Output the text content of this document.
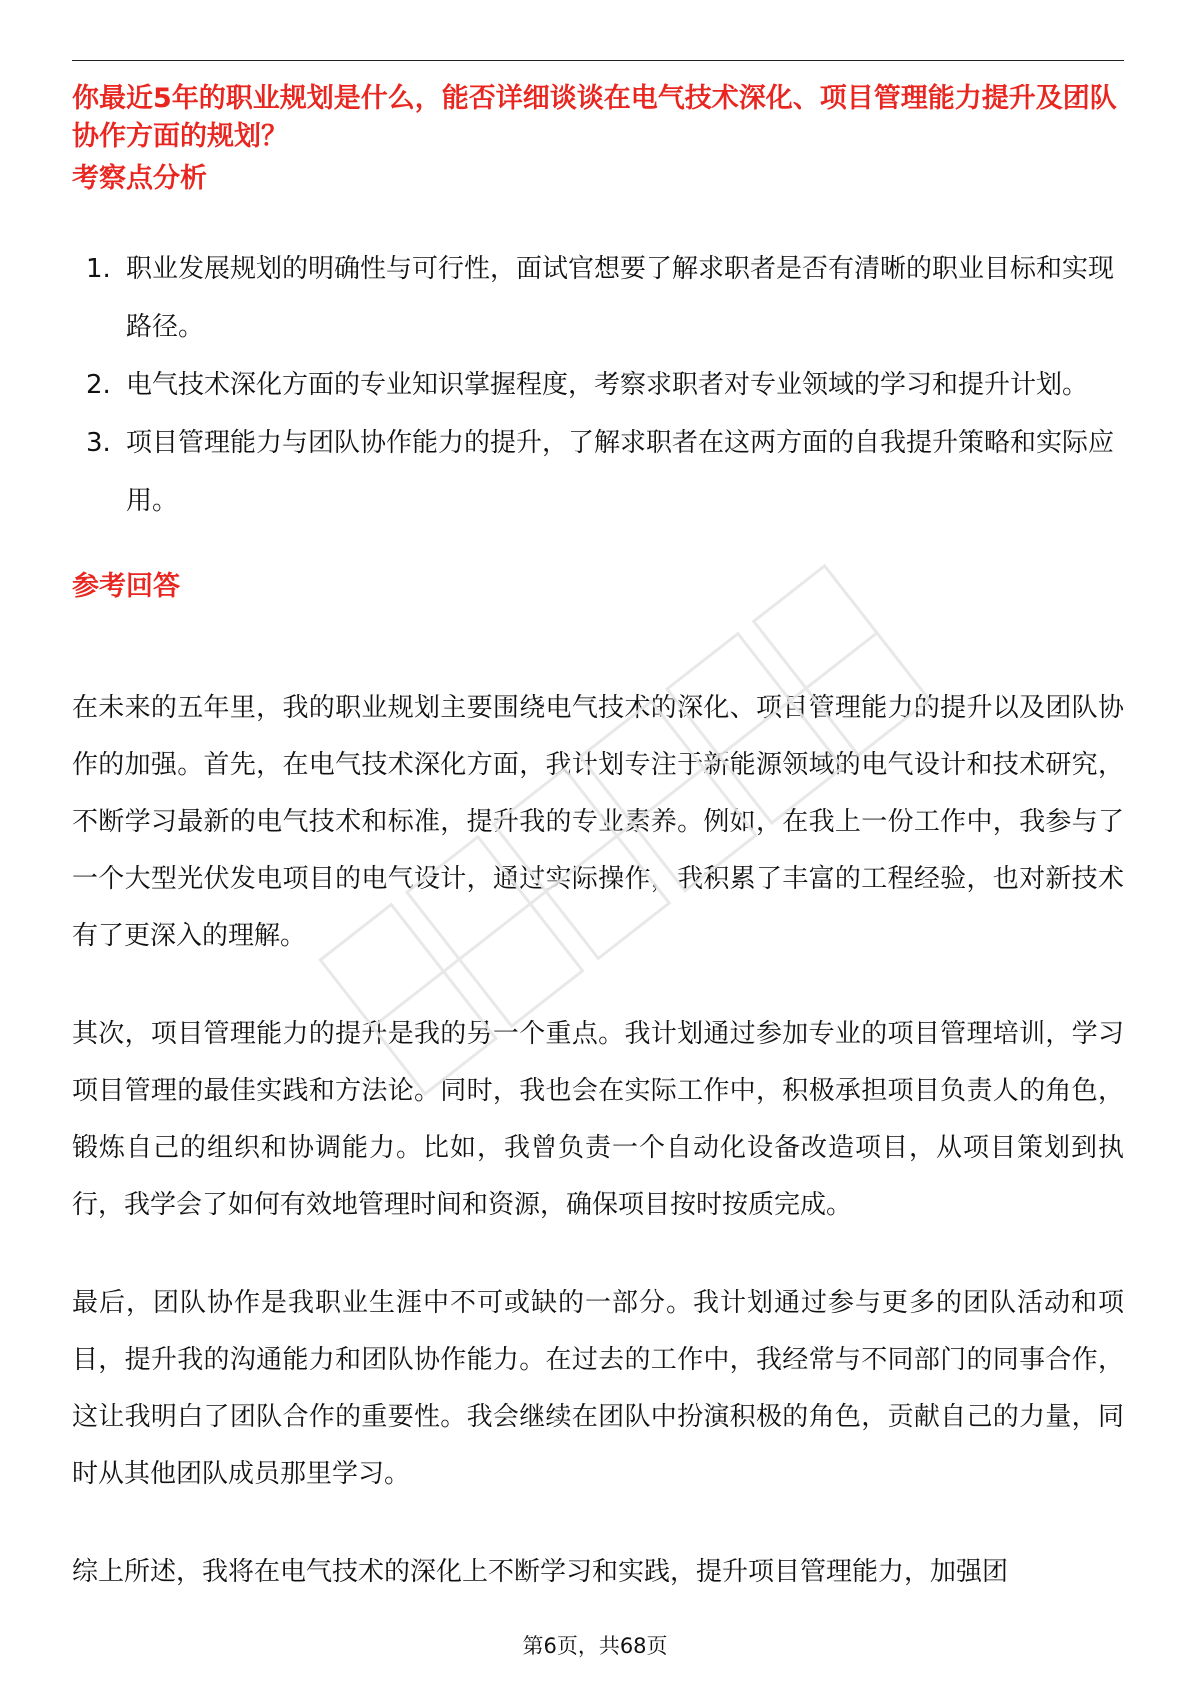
你最近5年的职业规划是什么，能否详细谈谈在电气技术深化、项目管理能力提升及团队协作方面的规划？
考察点分析
1. 职业发展规划的明确性与可行性，面试官想要了解求职者是否有清晰的职业目标和实现路径。
2. 电气技术深化方面的专业知识掌握程度，考察求职者对专业领域的学习和提升计划。
3. 项目管理能力与团队协作能力的提升，了解求职者在这两方面的自我提升策略和实际应用。
参考回答

在未来的五年里，我的职业规划主要围绕电气技术的深化、项目管理能力的提升以及团队协作的加强。首先，在电气技术深化方面，我计划专注于新能源领域的电气设计和技术研究，不断学习最新的电气技术和标准，提升我的专业素养。例如，在我上一份工作中，我参与了一个大型光伏发电项目的电气设计，通过实际操作，我积累了丰富的工程经验，也对新技术有了更深入的理解。

其次，项目管理能力的提升是我的另一个重点。我计划通过参加专业的项目管理培训，学习项目管理的最佳实践和方法论。同时，我也会在实际工作中，积极承担项目负责人的角色，锻炼自己的组织和协调能力。比如，我曾负责一个自动化设备改造项目，从项目策划到执行，我学会了如何有效地管理时间和资源，确保项目按时按质完成。

最后，团队协作是我职业生涯中不可或缺的一部分。我计划通过参与更多的团队活动和项目，提升我的沟通能力和团队协作能力。在过去的工作中，我经常与不同部门的同事合作，这让我明白了团队合作的重要性。我会继续在团队中扮演积极的角色，贡献自己的力量，同时从其他团队成员那里学习。

综上所述，我将在电气技术的深化上不断学习和实践，提升项目管理能力，加强团

第6页，共68页
